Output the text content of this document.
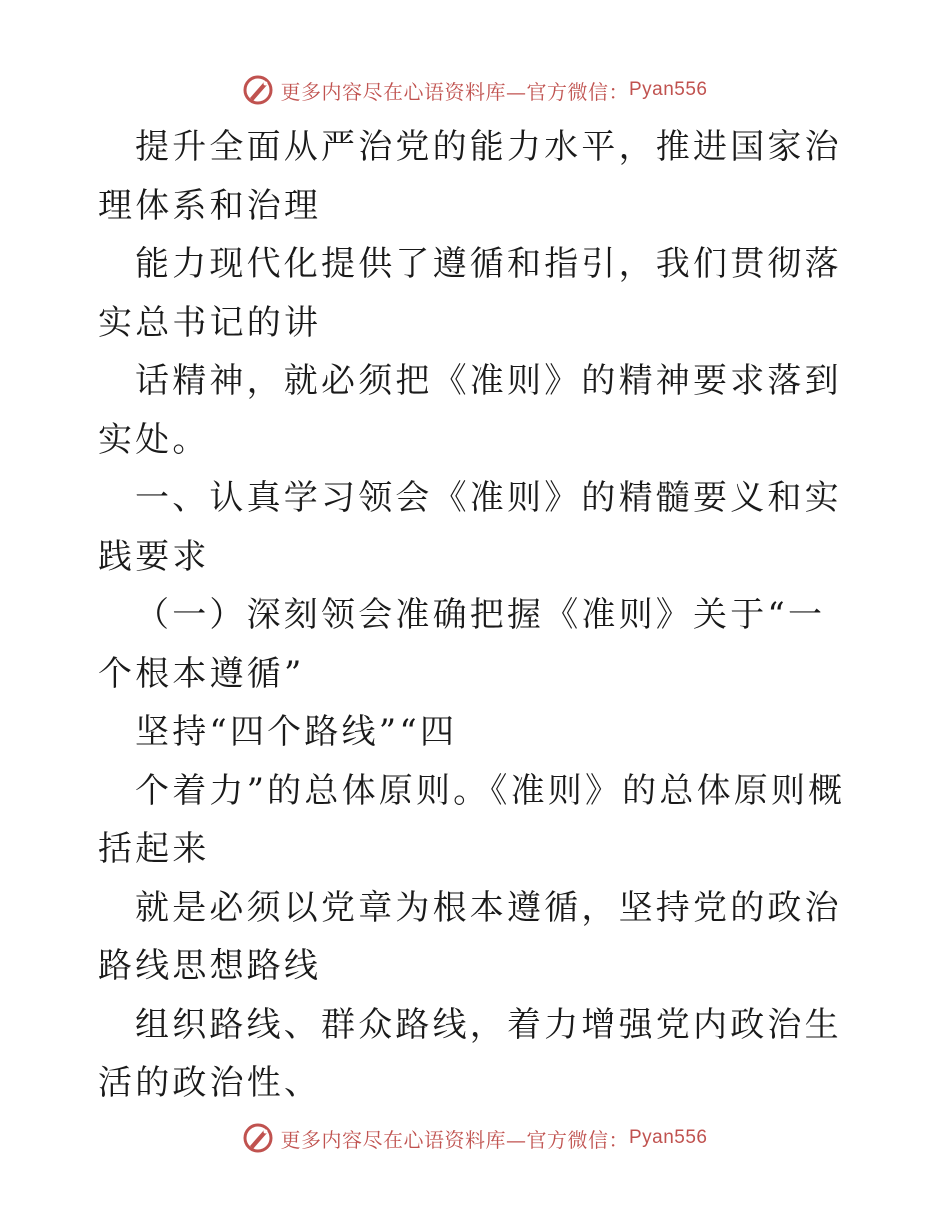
更多内容尽在心语资料库—官方微信： Pyan556

提升全面从严治党的能力水平，推进国家治理体系和治理

能力现代化提供了遵循和指引，我们贯彻落实总书记的讲

话精神，就必须把《准则》的精神要求落到实处。

一、认真学习领会《准则》的精髓要义和实践要求

（一）深刻领会准确把握《准则》关于“一个根本遵循”

坚持“四个路线”“四

个着力”的总体原则。《准则》的总体原则概括起来

就是必须以党章为根本遵循，坚持党的政治路线思想路线

组织路线、群众路线，着力增强党内政治生活的政治性、

更多内容尽在心语资料库—官方微信： Pyan556
